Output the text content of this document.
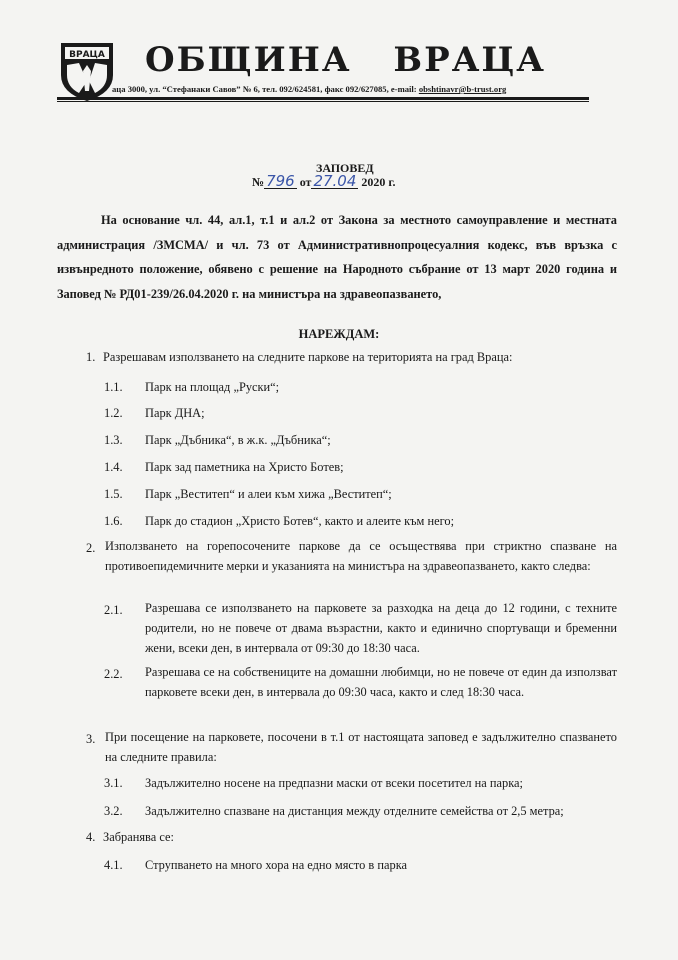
ВРАЦА ОБЩИНА ВРАЦА
аца 3000, ул. “Стефанаки Савов” № 6, тел. 092/624581, факс 092/627085, e-mail: obshtinavr@b-trust.org
ЗАПОВЕД
№ 796 от 27.04 2020 г.
На основание чл. 44, ал.1, т.1 и ал.2 от Закона за местното самоуправление и местната администрация /ЗМСМА/ и чл. 73 от Административнопроцесуалния кодекс, във връзка с извънредното положение, обявено с решение на Народното събрание от 13 март 2020 година и Заповед № РД01-239/26.04.2020 г. на министъра на здравеопазването,
НАРЕЖДАМ:
1. Разрешавам използването на следните паркове на територията на град Враца:
1.1. Парк на площад „Руски“;
1.2. Парк ДНА;
1.3. Парк „Дъбника“, в ж.к. „Дъбника“;
1.4. Парк зад паметника на Христо Ботев;
1.5. Парк „Веститеп“ и алеи към хижа „Веститеп“;
1.6. Парк до стадион „Христо Ботев“, както и алеите към него;
2. Използването на горепосочените паркове да се осъществява при стриктно спазване на противоепидемичните мерки и указанията на министъра на здравеопазването, както следва:
2.1. Разрешава се използването на парковете за разходка на деца до 12 години, с техните родители, но не повече от двама възрастни, както и единично спортуващи и бременни жени, всеки ден, в интервала от 09:30 до 18:30 часа.
2.2. Разрешава се на собствениците на домашни любимци, но не повече от един да използват парковете всеки ден, в интервала до 09:30 часа, както и след 18:30 часа.
3. При посещение на парковете, посочени в т.1 от настоящата заповед е задължително спазването на следните правила:
3.1. Задължително носене на предпазни маски от всеки посетител на парка;
3.2. Задължително спазване на дистанция между отделните семейства от 2,5 метра;
4. Забранява се:
4.1. Струпването на много хора на едно място в парка
